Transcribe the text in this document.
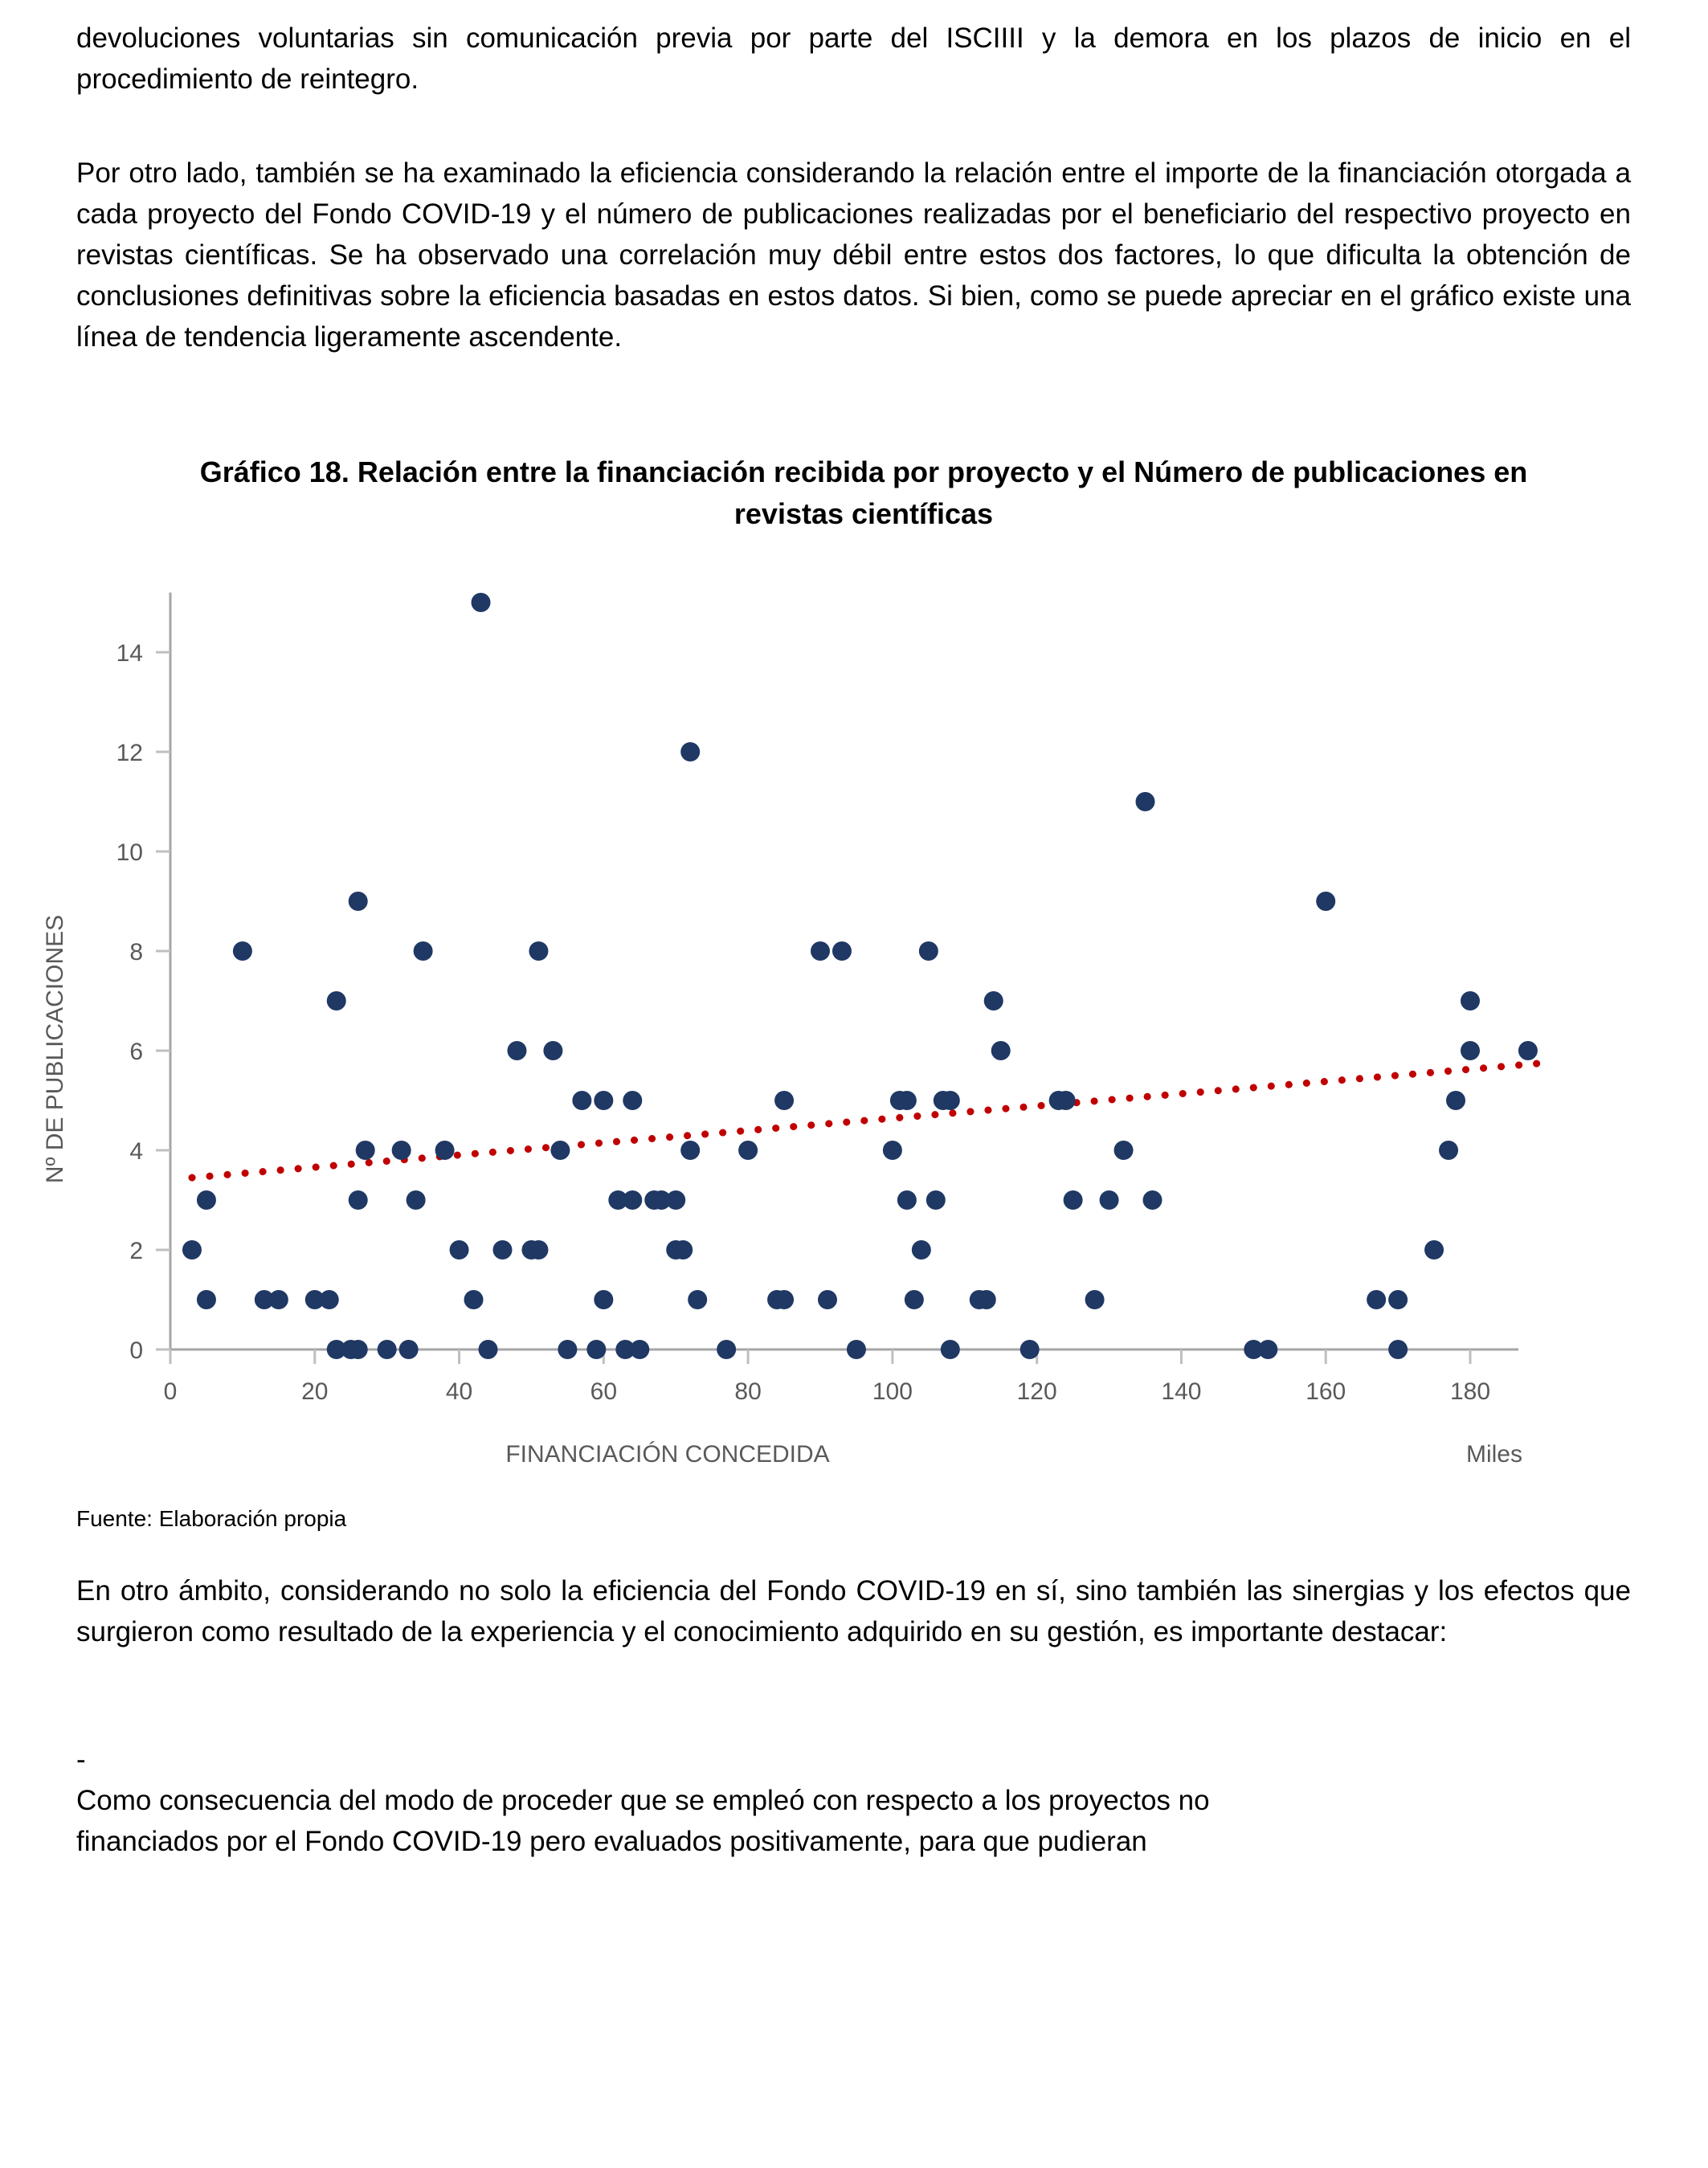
devoluciones voluntarias sin comunicación previa por parte del ISCIIII y la demora en los plazos de inicio en el procedimiento de reintegro.
Por otro lado, también se ha examinado la eficiencia considerando la relación entre el importe de la financiación otorgada a cada proyecto del Fondo COVID-19 y el número de publicaciones realizadas por el beneficiario del respectivo proyecto en revistas científicas. Se ha observado una correlación muy débil entre estos dos factores, lo que dificulta la obtención de conclusiones definitivas sobre la eficiencia basadas en estos datos. Si bien, como se puede apreciar en el gráfico existe una línea de tendencia ligeramente ascendente.
Gráfico 18. Relación entre la financiación recibida por proyecto y el Número de publicaciones en revistas científicas
0
2
4
6
8
10
12
14
0	20	40	60	80	100	120	140	160	180
FINANCIACIÓN CONCEDIDA	Miles
Nº DE PUBLICACIONES
Fuente: Elaboración propia
En otro ámbito, considerando no solo la eficiencia del Fondo COVID-19 en sí, sino también las sinergias y los efectos que surgieron como resultado de la experiencia y el conocimiento adquirido en su gestión, es importante destacar:
-
Como consecuencia del modo de proceder que se empleó con respecto a los proyectos no
financiados por el Fondo COVID-19 pero evaluados positivamente, para que pudieran
